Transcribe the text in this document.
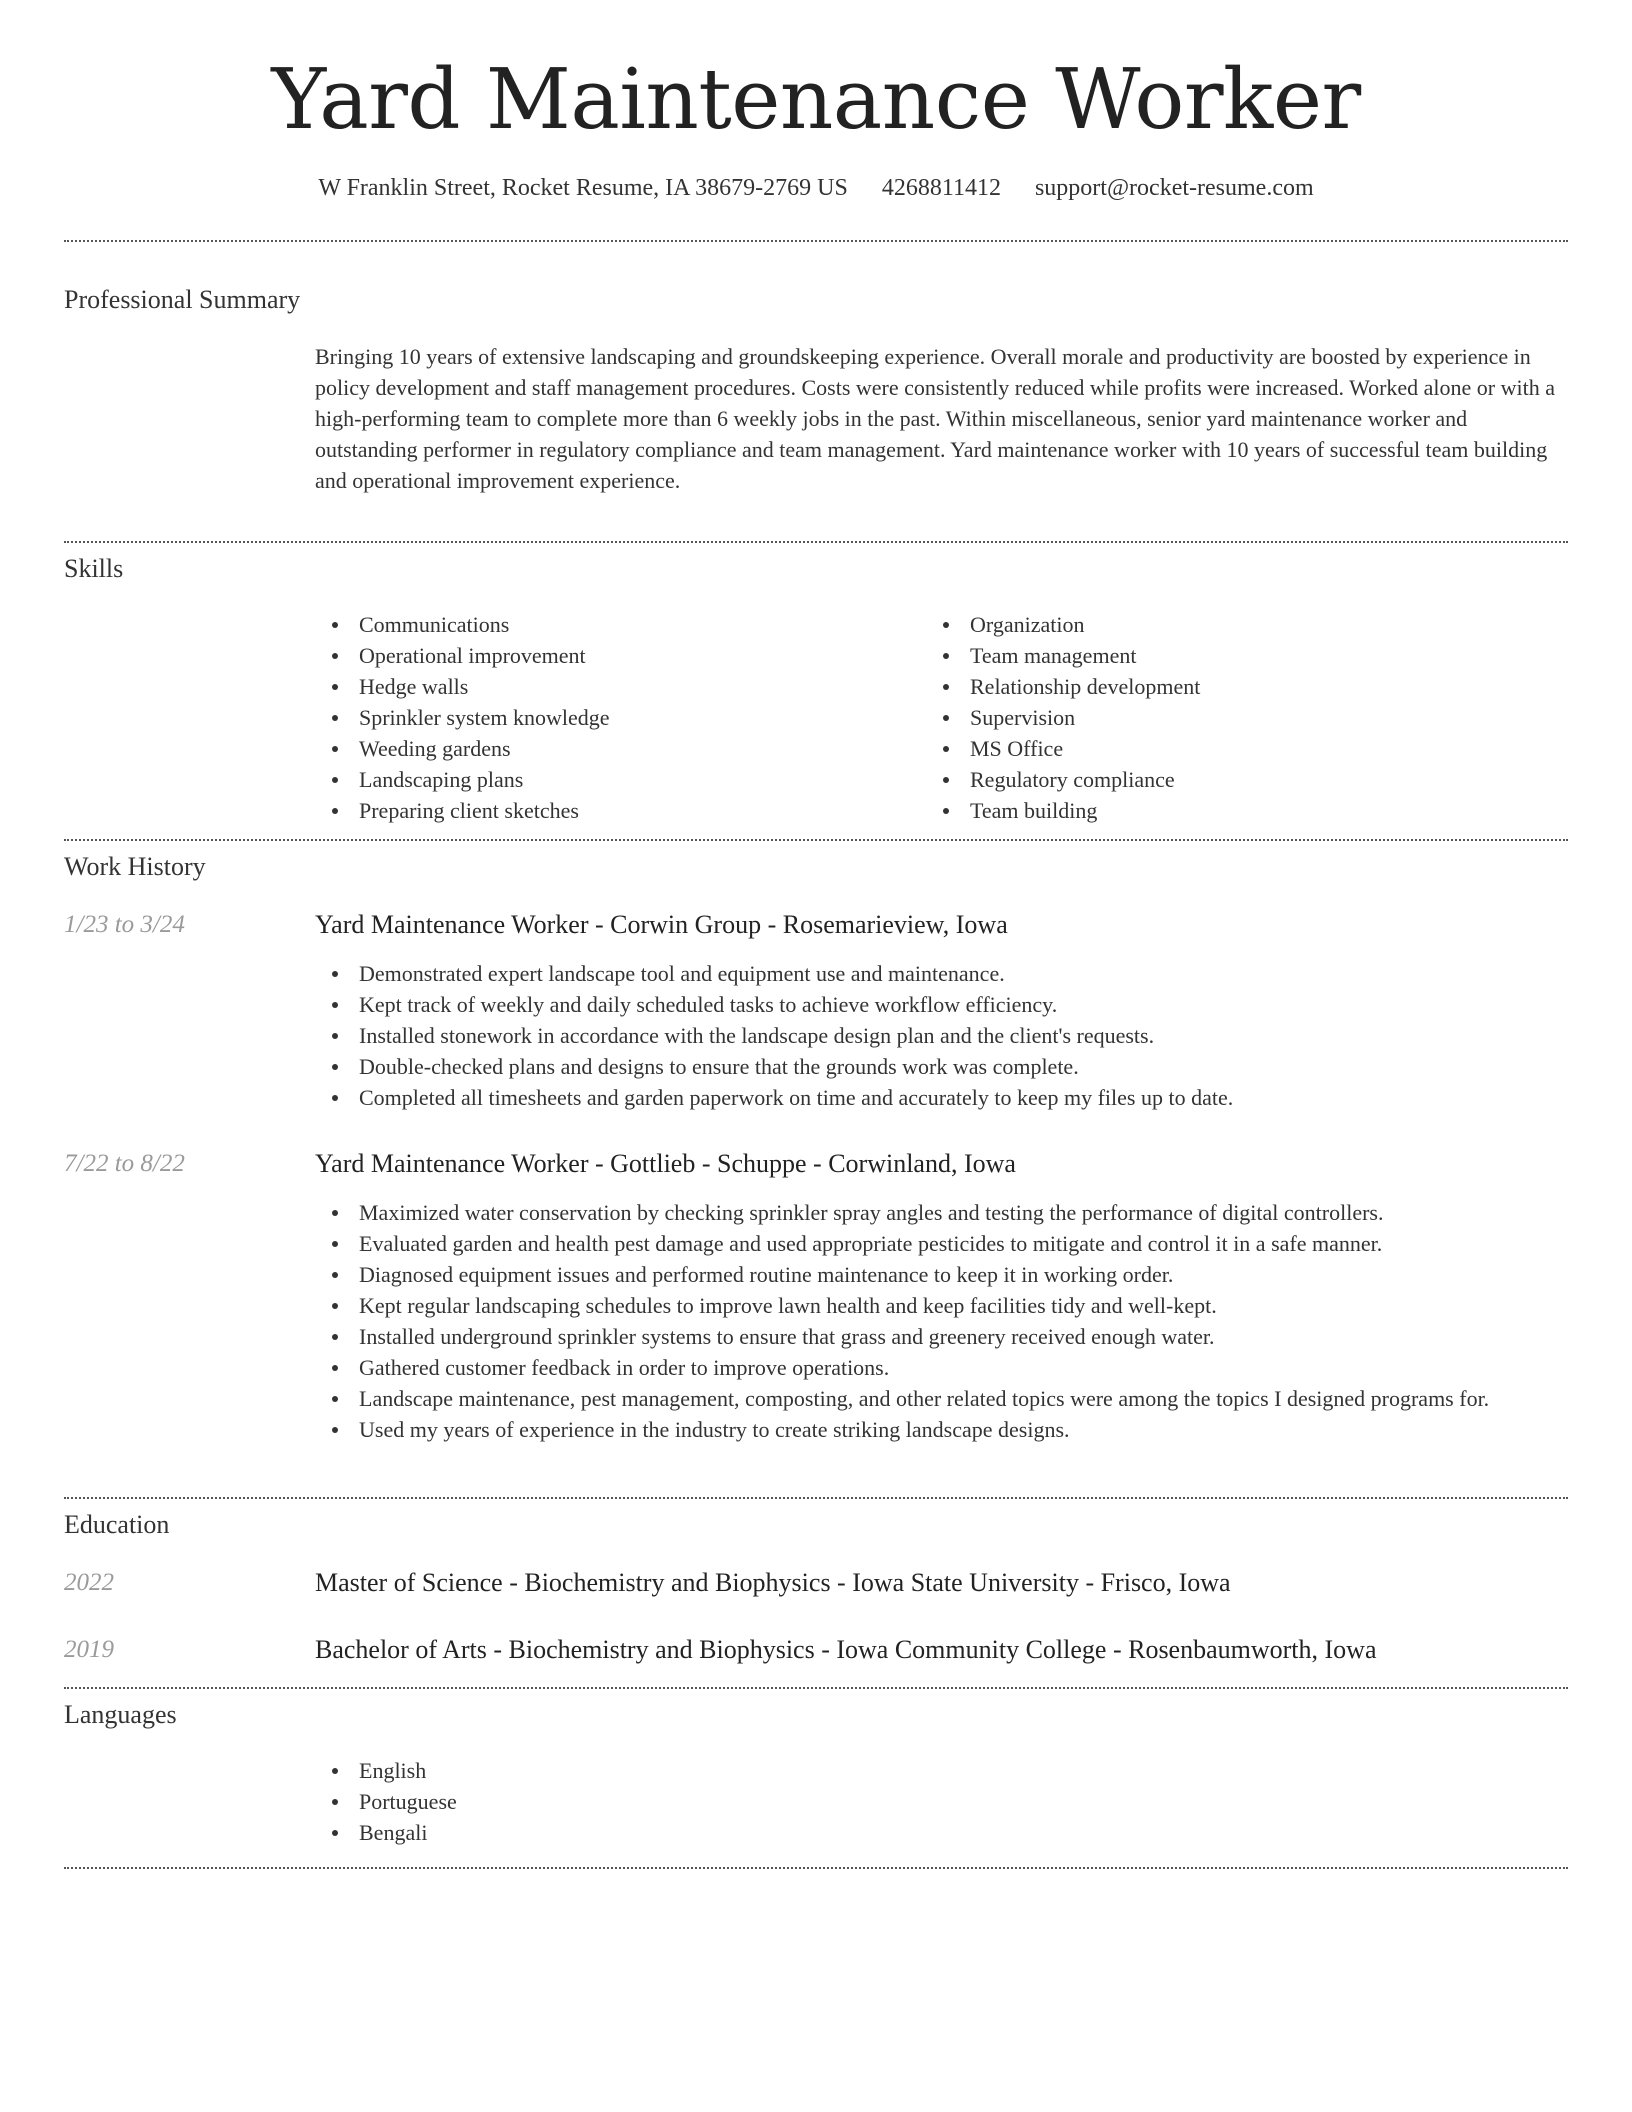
Yard Maintenance Worker
W Franklin Street, Rocket Resume, IA 38679-2769 US 4268811412 support@rocket-resume.com
Professional Summary

Bringing 10 years of extensive landscaping and groundskeeping experience. Overall morale and productivity are boosted by experience in policy development and staff management procedures. Costs were consistently reduced while profits were increased. Worked alone or with a high-performing team to complete more than 6 weekly jobs in the past. Within miscellaneous, senior yard maintenance worker and outstanding performer in regulatory compliance and team management. Yard maintenance worker with 10 years of successful team building and operational improvement experience.

Skills
Communications
Operational improvement
Hedge walls
Sprinkler system knowledge
Weeding gardens
Landscaping plans
Preparing client sketches
Organization
Team management
Relationship development
Supervision
MS Office
Regulatory compliance
Team building
Work History
1/23 to 3/24	Yard Maintenance Worker - Corwin Group - Rosemarieview, Iowa
Demonstrated expert landscape tool and equipment use and maintenance.
Kept track of weekly and daily scheduled tasks to achieve workflow efficiency.
Installed stonework in accordance with the landscape design plan and the client's requests.
Double-checked plans and designs to ensure that the grounds work was complete.
Completed all timesheets and garden paperwork on time and accurately to keep my files up to date.
7/22 to 8/22	Yard Maintenance Worker - Gottlieb - Schuppe - Corwinland, Iowa
Maximized water conservation by checking sprinkler spray angles and testing the performance of digital controllers.
Evaluated garden and health pest damage and used appropriate pesticides to mitigate and control it in a safe manner.
Diagnosed equipment issues and performed routine maintenance to keep it in working order.
Kept regular landscaping schedules to improve lawn health and keep facilities tidy and well-kept.
Installed underground sprinkler systems to ensure that grass and greenery received enough water.
Gathered customer feedback in order to improve operations.
Landscape maintenance, pest management, composting, and other related topics were among the topics I designed programs for.
Used my years of experience in the industry to create striking landscape designs.
Education
2022	Master of Science - Biochemistry and Biophysics - Iowa State University - Frisco, Iowa
2019	Bachelor of Arts - Biochemistry and Biophysics - Iowa Community College - Rosenbaumworth, Iowa
Languages
English
Portuguese
Bengali
